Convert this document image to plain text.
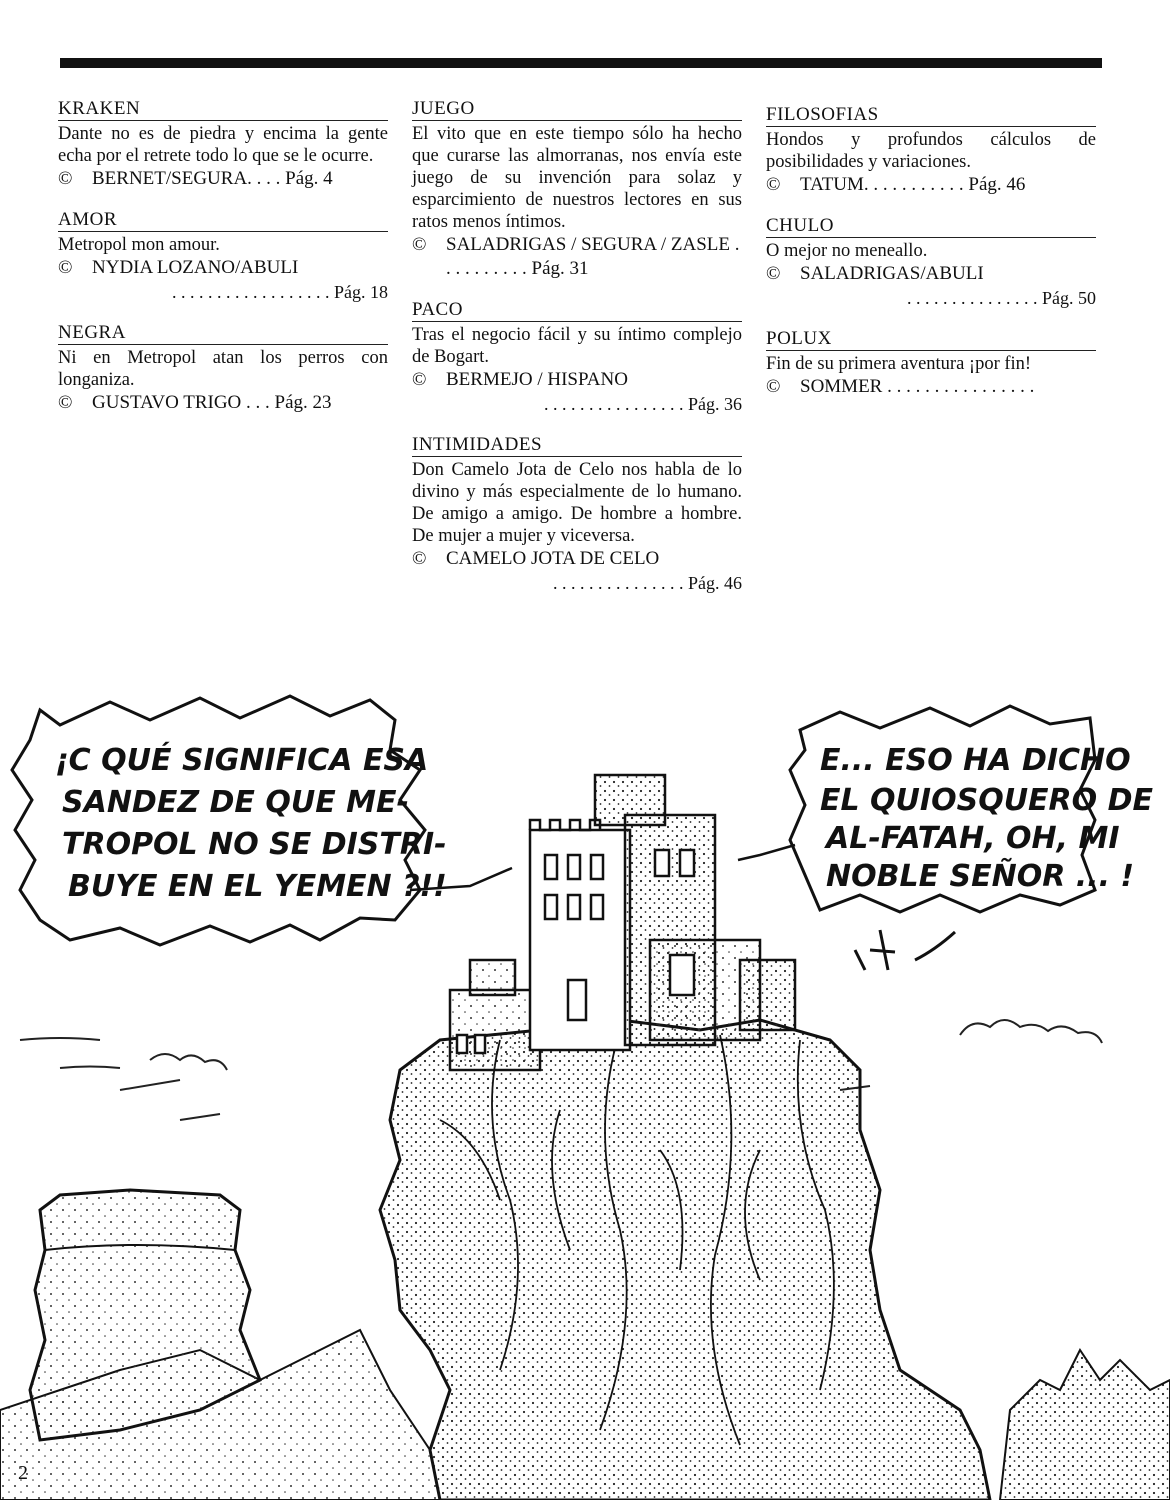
KRAKEN
Dante no es de piedra y encima la gente echa por el retrete todo lo que se le ocurre.
©	BERNET/SEGURA. . . . Pág. 4
AMOR
Metropol mon amour.
©	NYDIA LOZANO/ABULI
. . . . . . . . . . . . . . . . . . Pág. 18
NEGRA
Ni en Metropol atan los perros con longaniza.
©	GUSTAVO TRIGO . . . Pág. 23
JUEGO
El vito que en este tiempo sólo ha hecho que curarse las almorranas, nos envía este juego de su invención para solaz y esparcimiento de nuestros lectores en sus ratos menos íntimos.
©	SALADRIGAS / SEGURA / ZASLE . . . . . . . . . . Pág. 31
PACO
Tras el negocio fácil y su íntimo complejo de Bogart.
©	BERMEJO / HISPANO
. . . . . . . . . . . . . . . . Pág. 36
INTIMIDADES
Don Camelo Jota de Celo nos habla de lo divino y más especialmente de lo humano. De amigo a amigo. De hombre a hombre. De mujer a mujer y viceversa.
©	CAMELO JOTA DE CELO
. . . . . . . . . . . . . . . Pág. 46
FILOSOFIAS
Hondos y profundos cálculos de posibilidades y variaciones.
©	TATUM. . . . . . . . . . . Pág. 46
CHULO
O mejor no meneallo.
©	SALADRIGAS/ABULI
. . . . . . . . . . . . . . . Pág. 50
POLUX
Fin de su primera aventura ¡por fin!
©	SOMMER . . . . . . . . . . . . . . . .
¡C QUÉ SIGNIFICA ESA
SANDEZ DE QUE ME-
TROPOL NO SE DISTRI-
BUYE EN EL YEMEN ?!!
E... ESO HA DICHO
EL QUIOSQUERO DE
AL-FATAH, OH, MI
NOBLE SEÑOR ... !
2
